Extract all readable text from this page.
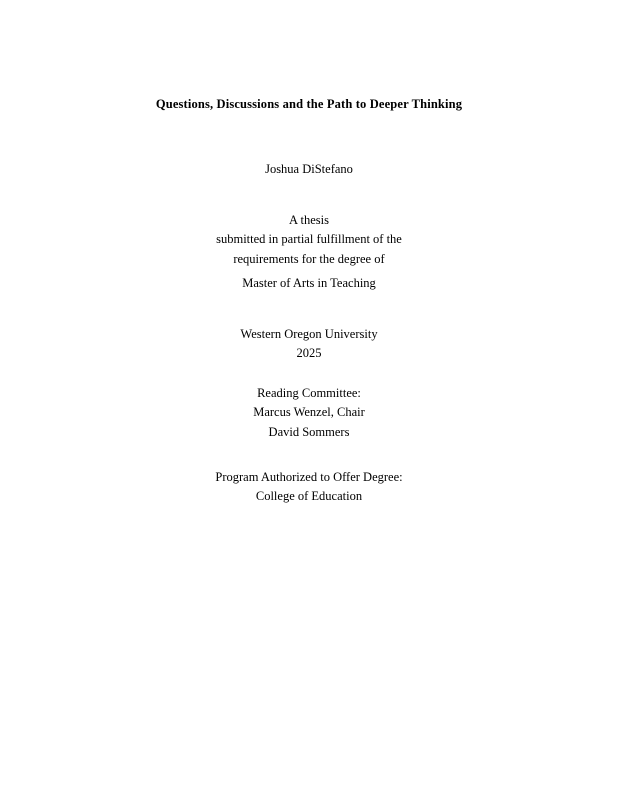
Questions, Discussions and the Path to Deeper Thinking
Joshua DiStefano
A thesis
submitted in partial fulfillment of the
requirements for the degree of
Master of Arts in Teaching
Western Oregon University
2025
Reading Committee:
Marcus Wenzel, Chair
David Sommers
Program Authorized to Offer Degree:
College of Education
